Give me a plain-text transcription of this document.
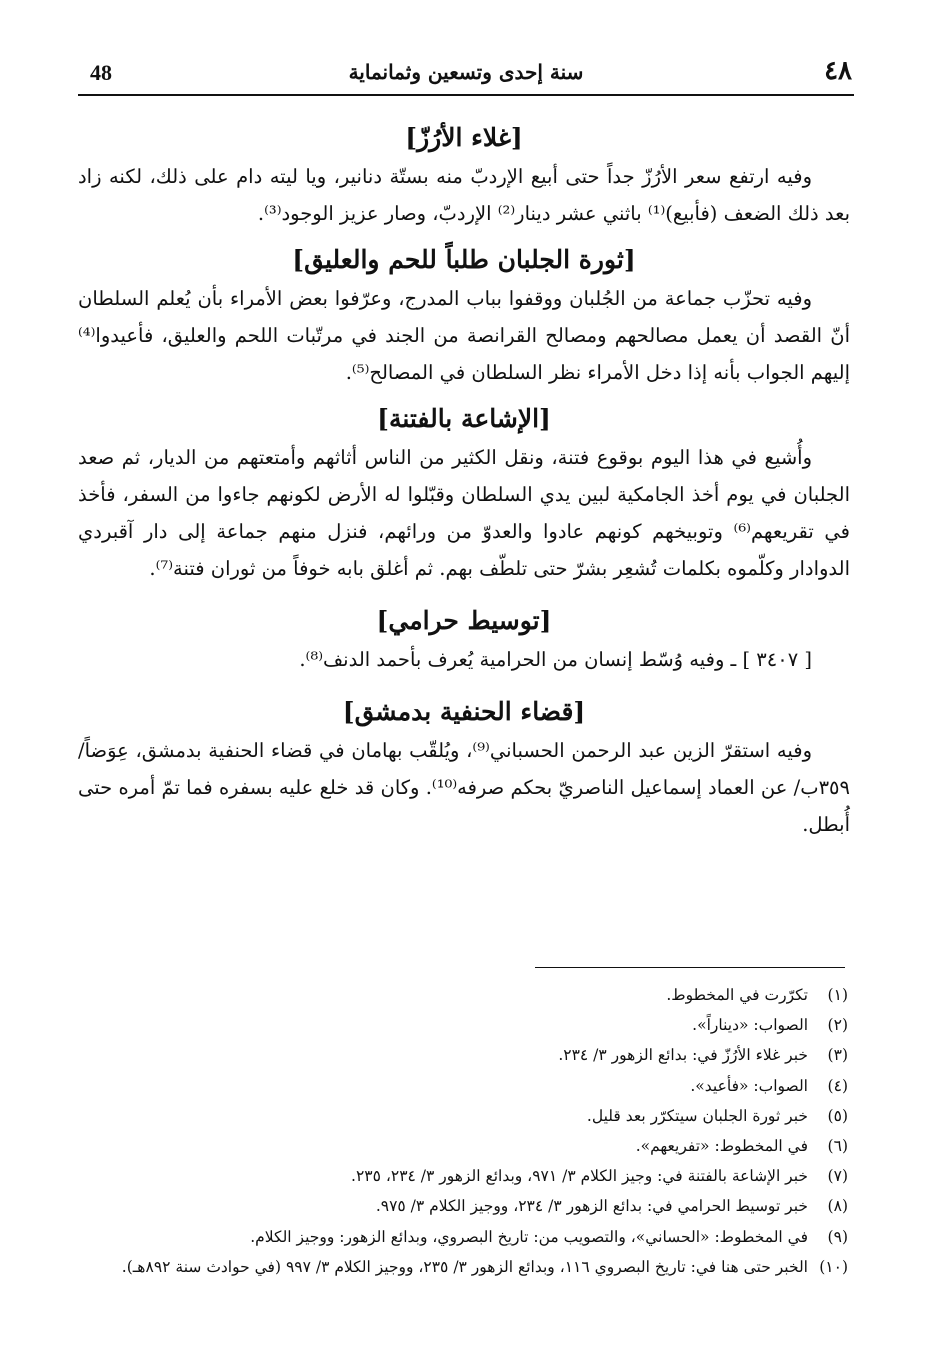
48	سنة إحدى وتسعين وثمانماية	٤٨
[غلاء الأرُزّ]

وفيه ارتفع سعر الأرُزّ جداً حتى أبيع الإردبّ منه بستّة دنانير، ويا ليته دام على ذلك، لكنه زاد بعد ذلك الضعف (فأبيع)⁽¹⁾ باثني عشر دينار⁽²⁾ الإردبّ، وصار عزيز الوجود⁽³⁾.

[ثورة الجلبان طلباً للحم والعليق]

وفيه تحزّب جماعة من الجُلبان ووقفوا بباب المدرج، وعرّفوا بعض الأمراء بأن يُعلم السلطان أنّ القصد أن يعمل مصالحهم ومصالح القرانصة من الجند في مرتّبات اللحم والعليق، فأعيدوا⁽⁴⁾ إليهم الجواب بأنه إذا دخل الأمراء نظر السلطان في المصالح⁽⁵⁾.

[الإشاعة بالفتنة]

وأُشيع في هذا اليوم بوقوع فتنة، ونقل الكثير من الناس أثاثهم وأمتعتهم من الديار، ثم صعد الجلبان في يوم أخذ الجامكية لبين يدي السلطان وقبّلوا له الأرض لكونهم جاءوا من السفر، فأخذ في تقريعهم⁽⁶⁾ وتوبيخهم كونهم عادوا والعدوّ من ورائهم، فنزل منهم جماعة إلى دار آقبردي الدوادار وكلّموه بكلمات تُشعِر بشرّ حتى تلطّف بهم. ثم أغلق بابه خوفاً من ثوران فتنة⁽⁷⁾.

[توسيط حرامي]

[ ٣٤٠٧ ] ـ وفيه وُسّط إنسان من الحرامية يُعرف بأحمد الدنف⁽⁸⁾.

[قضاء الحنفية بدمشق]

وفيه استقرّ الزين عبد الرحمن الحسباني⁽⁹⁾، ويُلقّب بهامان في قضاء الحنفية بدمشق، عِوَضاً/ ٣٥٩ب/ عن العماد إسماعيل الناصريّ بحكم صرفه⁽¹⁰⁾. وكان قد خلع عليه بسفره فما تمّ أمره حتى أُبطل.

(١)
تكرّرت في المخطوط.
(٢)
الصواب: «ديناراً».
(٣)
خبر غلاء الأرُزّ في: بدائع الزهور ٣/ ٢٣٤.
(٤)
الصواب: «فأعيد».
(٥)
خبر ثورة الجلبان سيتكرّر بعد قليل.
(٦)
في المخطوط: «تفريعهم».
(٧)
خبر الإشاعة بالفتنة في: وجيز الكلام ٣/ ٩٧١، وبدائع الزهور ٣/ ٢٣٤، ٢٣٥.
(٨)
خبر توسيط الحرامي في: بدائع الزهور ٣/ ٢٣٤، ووجيز الكلام ٣/ ٩٧٥.
(٩)
في المخطوط: «الحساني»، والتصويب من: تاريخ البصروي، وبدائع الزهور: ووجيز الكلام.
(١٠)
الخبر حتى هنا في: تاريخ البصروي ١١٦، وبدائع الزهور ٣/ ٢٣٥، ووجيز الكلام ٣/ ٩٩٧ (في حوادث سنة ٨٩٢هـ).
